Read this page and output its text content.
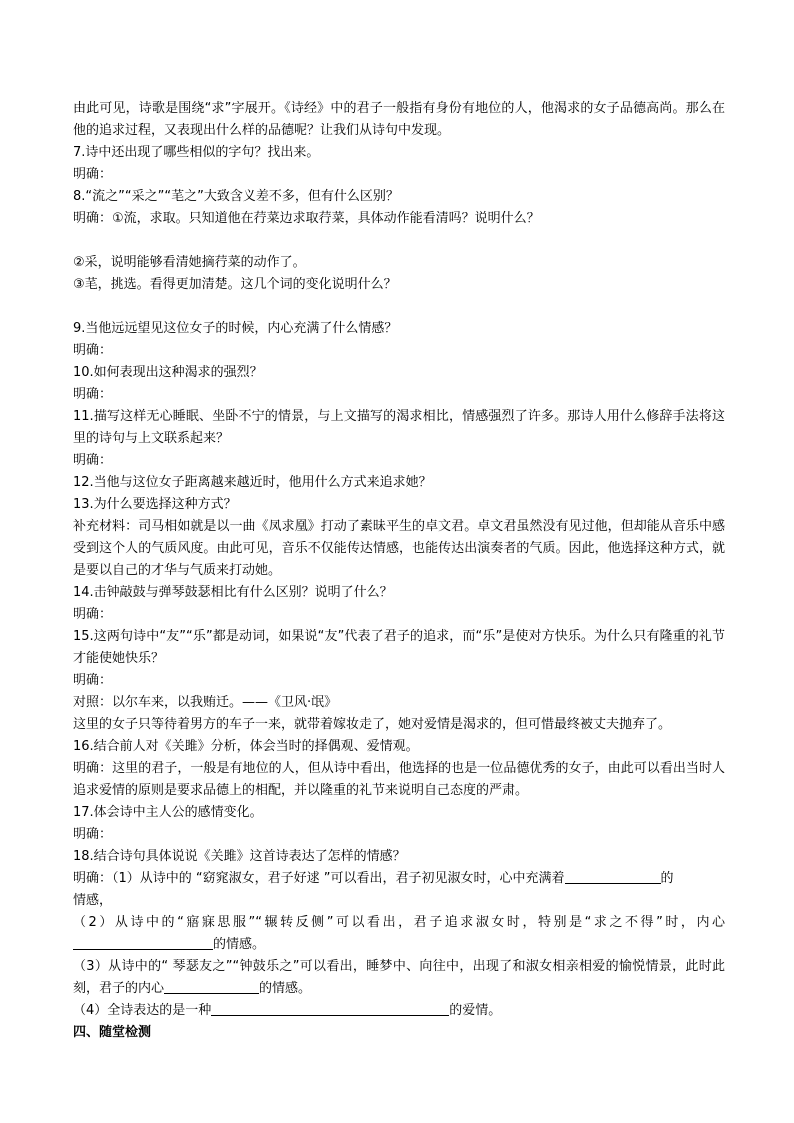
由此可见，诗歌是围绕“求”字展开。《诗经》中的君子一般指有身份有地位的人，他渴求的女子品德高尚。那么在他的追求过程，又表现出什么样的品德呢？让我们从诗句中发现。
7.诗中还出现了哪些相似的字句？找出来。
明确：
8.“流之”“采之”“芼之”大致含义差不多，但有什么区别？
明确：①流，求取。只知道他在荇菜边求取荇菜，具体动作能看清吗？说明什么？
②采，说明能够看清她摘荇菜的动作了。
③芼，挑选。看得更加清楚。这几个词的变化说明什么？
9.当他远远望见这位女子的时候，内心充满了什么情感？
明确：
10.如何表现出这种渴求的强烈？
明确：
11.描写这样无心睡眠、坐卧不宁的情景，与上文描写的渴求相比，情感强烈了许多。那诗人用什么修辞手法将这里的诗句与上文联系起来？
明确：
12.当他与这位女子距离越来越近时，他用什么方式来追求她？
13.为什么要选择这种方式？
补充材料：司马相如就是以一曲《凤求凰》打动了素昧平生的卓文君。卓文君虽然没有见过他，但却能从音乐中感受到这个人的气质风度。由此可见，音乐不仅能传达情感，也能传达出演奏者的气质。因此，他选择这种方式，就是要以自己的才华与气质来打动她。
14.击钟敲鼓与弹琴鼓瑟相比有什么区别？说明了什么？
明确：
15.这两句诗中“友”“乐”都是动词，如果说“友”代表了君子的追求，而“乐”是使对方快乐。为什么只有隆重的礼节才能使她快乐？
明确：
对照：以尔车来，以我贿迁。——《卫风·氓》
这里的女子只等待着男方的车子一来，就带着嫁妆走了，她对爱情是渴求的，但可惜最终被丈夫抛弃了。
16.结合前人对《关雎》分析，体会当时的择偶观、爱情观。
明确：这里的君子，一般是有地位的人，但从诗中看出，他选择的也是一位品德优秀的女子，由此可以看出当时人追求爱情的原则是要求品德上的相配，并以隆重的礼节来说明自己态度的严肃。
17.体会诗中主人公的感情变化。
明确：
18.结合诗句具体说说《关雎》这首诗表达了怎样的情感？
明确：（1）从诗中的 “窈窕淑女，君子好逑 ”可以看出，君子初见淑女时，心中充满着	的
情感，
（2）从诗中的“寤寐思服”“辗转反侧”可以看出，君子追求淑女时，特别是“求之不得”时，内心的情感。
（3）从诗中的“ 琴瑟友之”“钟鼓乐之”可以看出，睡梦中、向往中，出现了和淑女相亲相爱的愉悦情景，此时此刻，君子的内心	的情感。
（4）全诗表达的是一种	的爱情。
四、随堂检测
